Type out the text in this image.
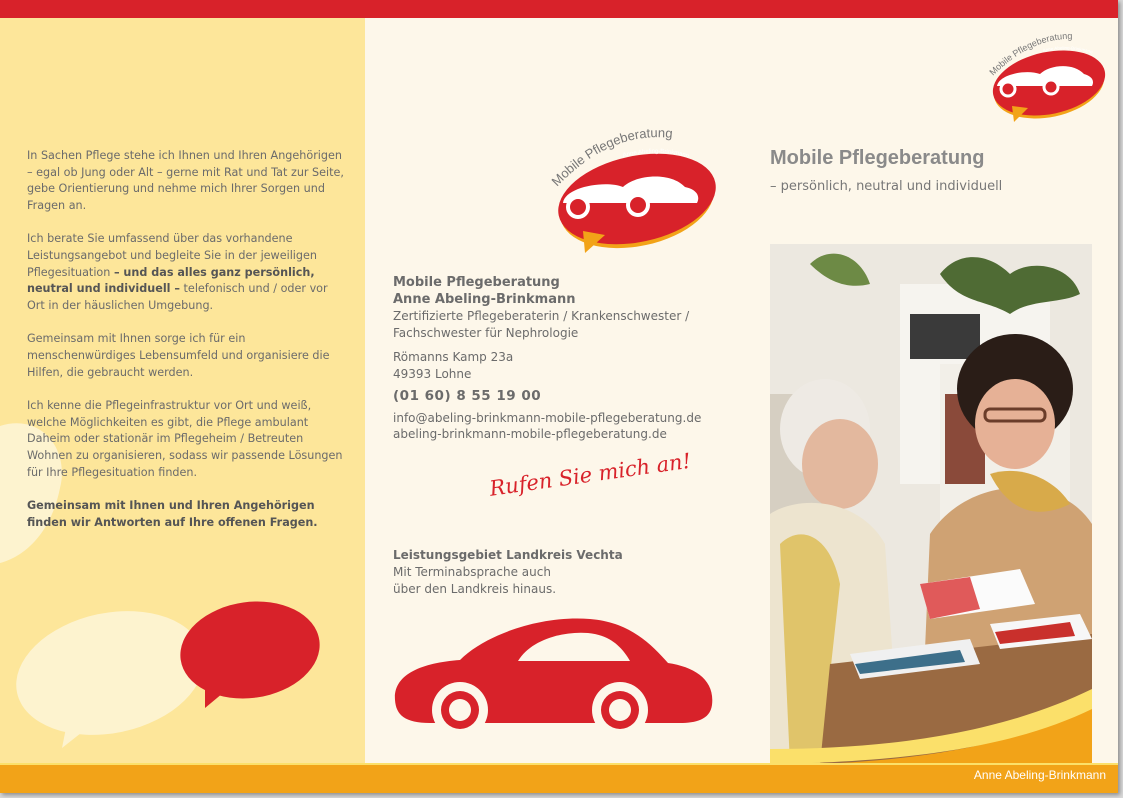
In Sachen Pflege stehe ich Ihnen und Ihren Angehörigen – egal ob Jung oder Alt – gerne mit Rat und Tat zur Seite, gebe Orientierung und nehme mich Ihrer Sorgen und Fragen an.

Ich berate Sie umfassend über das vorhandene Leistungsangebot und begleite Sie in der jeweiligen Pflegesituation – und das alles ganz persönlich, neutral und individuell – telefonisch und / oder vor Ort in der häuslichen Umgebung.

Gemeinsam mit Ihnen sorge ich für ein menschenwürdiges Lebensumfeld und organisiere die Hilfen, die gebraucht werden.

Ich kenne die Pflegeinfrastruktur vor Ort und weiß, welche Möglichkeiten es gibt, die Pflege ambulant Daheim oder stationär im Pflegeheim / Betreuten Wohnen zu organisieren, sodass wir passende Lösungen für Ihre Pflegesituation finden.

Gemeinsam mit Ihnen und Ihren Angehörigen finden wir Antworten auf Ihre offenen Fragen.

Mobile Pflegeberatung
Anne Abeling-Brinkmann
Mobile Pflegeberatung
Anne Abeling-Brinkmann
Zertifizierte Pflegeberaterin / Krankenschwester /
Fachschwester für Nephrologie
Römanns Kamp 23a
49393 Lohne
(01 60) 8 55 19 00
info@abeling-brinkmann-mobile-pflegeberatung.de
abeling-brinkmann-mobile-pflegeberatung.de
Rufen Sie mich an!
Leistungsgebiet Landkreis Vechta
Mit Terminabsprache auch
über den Landkreis hinaus.
Mobile Pflegeberatung
Anne Abeling-Brinkmann
Mobile Pflegeberatung
– persönlich, neutral und individuell
Anne Abeling-Brinkmann
